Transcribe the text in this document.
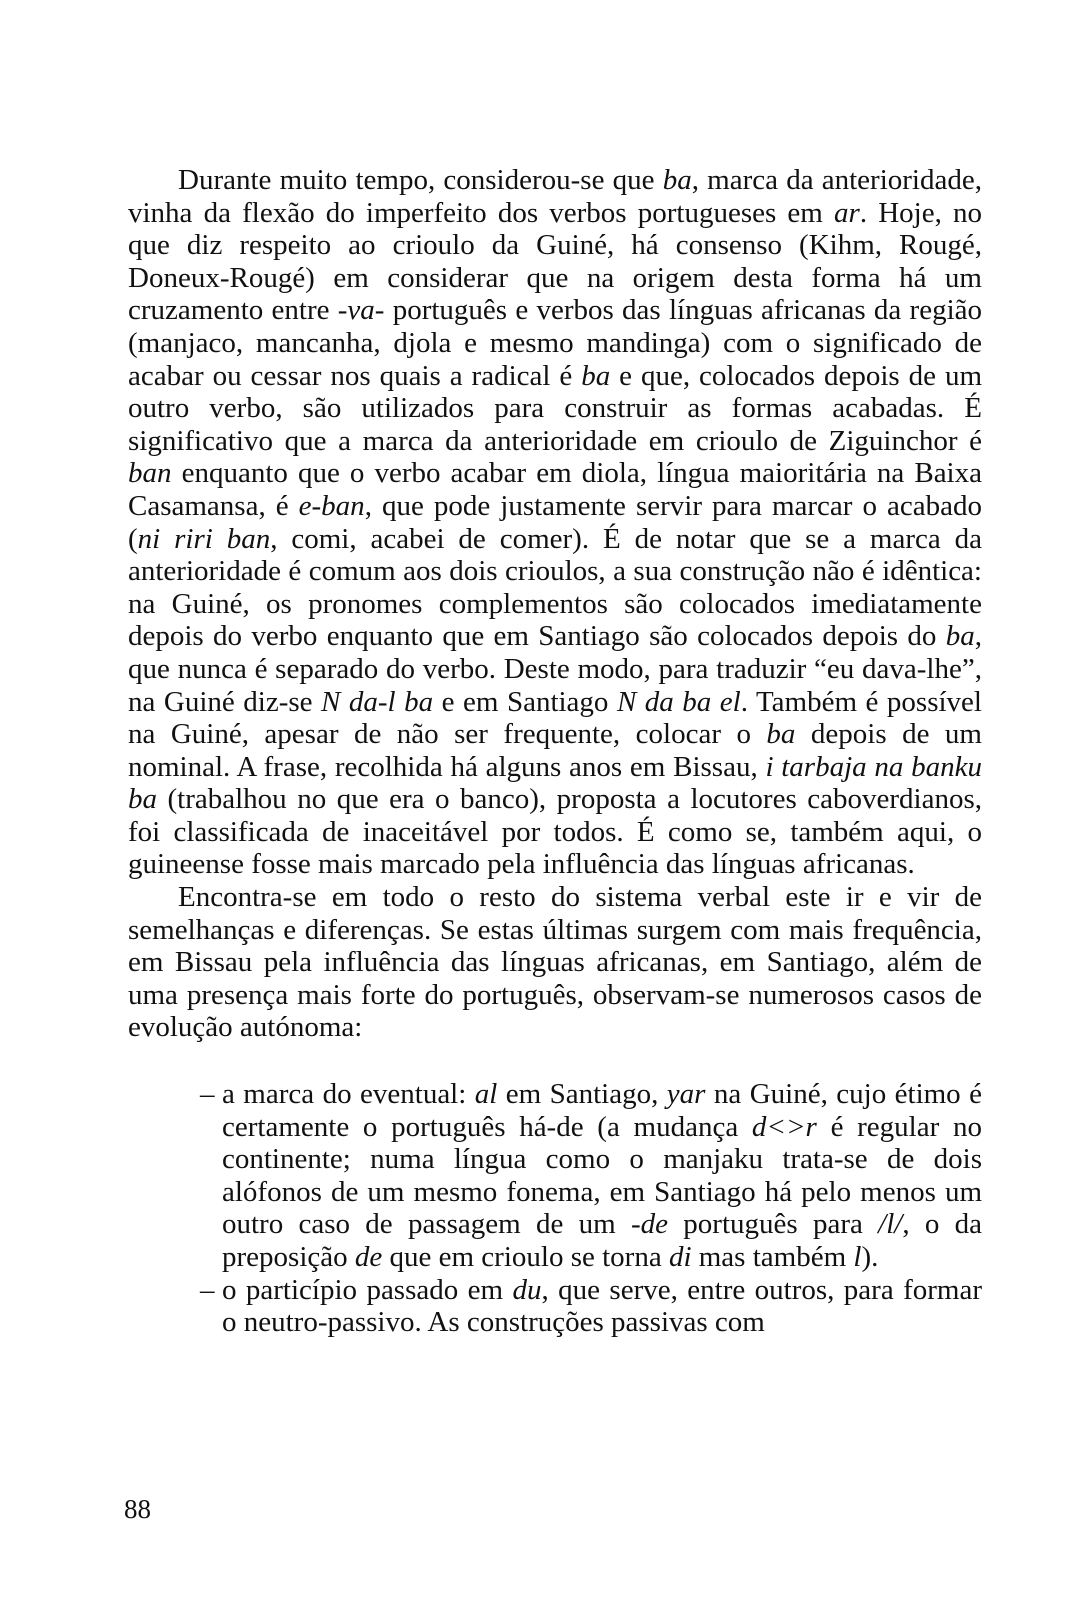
Durante muito tempo, considerou-se que ba, marca da anterioridade, vinha da flexão do imperfeito dos verbos portugueses em ar. Hoje, no que diz respeito ao crioulo da Guiné, há consenso (Kihm, Rougé, Doneux-Rougé) em considerar que na origem desta forma há um cruzamento entre -va- português e verbos das línguas africanas da região (manjaco, mancanha, djola e mesmo mandinga) com o significado de acabar ou cessar nos quais a radical é ba e que, colocados depois de um outro verbo, são utilizados para construir as formas acabadas. É significativo que a marca da anterioridade em crioulo de Ziguinchor é ban enquanto que o verbo acabar em diola, língua maioritária na Baixa Casamansa, é e-ban, que pode justamente servir para marcar o acabado (ni riri ban, comi, acabei de comer). É de notar que se a marca da anterioridade é comum aos dois crioulos, a sua construção não é idêntica: na Guiné, os pronomes complementos são colocados imediatamente depois do verbo enquanto que em Santiago são colocados depois do ba, que nunca é separado do verbo. Deste modo, para traduzir “eu dava-lhe”, na Guiné diz-se N da-l ba e em Santiago N da ba el. Também é possível na Guiné, apesar de não ser frequente, colocar o ba depois de um nominal. A frase, recolhida há alguns anos em Bissau, i tarbaja na banku ba (trabalhou no que era o banco), proposta a locutores caboverdianos, foi classificada de inaceitável por todos. É como se, também aqui, o guineense fosse mais marcado pela influência das línguas africanas.

Encontra-se em todo o resto do sistema verbal este ir e vir de semelhanças e diferenças. Se estas últimas surgem com mais frequência, em Bissau pela influência das línguas africanas, em Santiago, além de uma presença mais forte do português, observam-se numerosos casos de evolução autónoma:

– a marca do eventual: al em Santiago, yar na Guiné, cujo étimo é certamente o português há-de (a mudança d<>r é regular no continente; numa língua como o manjaku trata-se de dois alófonos de um mesmo fonema, em Santiago há pelo menos um outro caso de passagem de um -de português para /l/, o da preposição de que em crioulo se torna di mas também l).
– o particípio passado em du, que serve, entre outros, para formar o neutro-passivo. As construções passivas com
88
